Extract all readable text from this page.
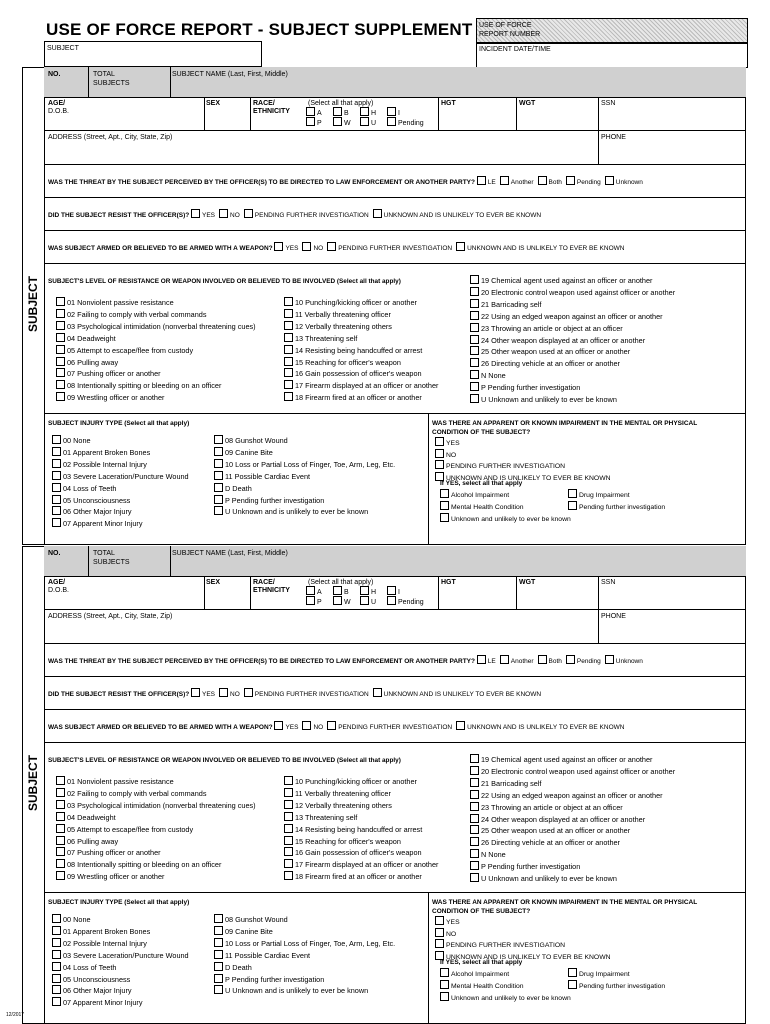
USE OF FORCE REPORT - SUBJECT SUPPLEMENT
SUBJECT
USE OF FORCE
REPORT NUMBER
INCIDENT DATE/TIME
SUBJECT
NO.	TOTAL
SUBJECTS
SUBJECT NAME (Last, First, Middle)
AGE/
D.O.B.
SEX	RACE/
ETHNICITY
(Select all that apply)
A	B	H	I
P	W	U	Pending
HGT	WGT	SSN
ADDRESS (Street, Apt., City, State, Zip)	PHONE
WAS THE THREAT BY THE SUBJECT PERCEIVED BY THE OFFICER(S) TO BE DIRECTED TO LAW ENFORCEMENT OR ANOTHER PARTY? LE Another Both Pending Unknown
DID THE SUBJECT RESIST THE OFFICER(S)? YES NO PENDING FURTHER INVESTIGATION UNKNOWN AND IS UNLIKELY TO EVER BE KNOWN
WAS SUBJECT ARMED OR BELIEVED TO BE ARMED WITH A WEAPON? YES NO PENDING FURTHER INVESTIGATION UNKNOWN AND IS UNLIKELY TO EVER BE KNOWN
SUBJECT'S LEVEL OF RESISTANCE OR WEAPON INVOLVED OR BELIEVED TO BE INVOLVED (Select all that apply)
01 Nonviolent passive resistance
02 Failing to comply with verbal commands
03 Psychological intimidation (nonverbal threatening cues)
04 Deadweight
05 Attempt to escape/flee from custody
06 Pulling away
07 Pushing officer or another
08 Intentionally spitting or bleeding on an officer
09 Wrestling officer or another
10 Punching/kicking officer or another
11 Verbally threatening officer
12 Verbally threatening others
13 Threatening self
14 Resisting being handcuffed or arrest
15 Reaching for officer's weapon
16 Gain possession of officer's weapon
17 Firearm displayed at an officer or another
18 Firearm fired at an officer or another
19 Chemical agent used against an officer or another
20 Electronic control weapon used against officer or another
21 Barricading self
22 Using an edged weapon against an officer or another
23 Throwing an article or object at an officer
24 Other weapon displayed at an officer or another
25 Other weapon used at an officer or another
26 Directing vehicle at an officer or another
N None
P Pending further investigation
U Unknown and unlikely to ever be known
SUBJECT INJURY TYPE (Select all that apply)
00 None
01 Apparent Broken Bones
02 Possible Internal Injury
03 Severe Laceration/Puncture Wound
04 Loss of Teeth
05 Unconsciousness
06 Other Major Injury
07 Apparent Minor Injury
08 Gunshot Wound
09 Canine Bite
10 Loss or Partial Loss of Finger, Toe, Arm, Leg, Etc.
11 Possible Cardiac Event
D Death
P Pending further investigation
U Unknown and is unlikely to ever be known
WAS THERE AN APPARENT OR KNOWN IMPAIRMENT IN THE MENTAL OR PHYSICAL CONDITION OF THE SUBJECT?
YES
NO
PENDING FURTHER INVESTIGATION
UNKNOWN AND IS UNLIKELY TO EVER BE KNOWN
If YES, select all that apply
Alcohol Impairment
Mental Health Condition
Unknown and unlikely to ever be known
Drug Impairment
Pending further investigation
SUBJECT
NO.	TOTAL
SUBJECTS
SUBJECT NAME (Last, First, Middle)
AGE/
D.O.B.
SEX	RACE/
ETHNICITY
(Select all that apply)
A	B	H	I
P	W	U	Pending
HGT	WGT	SSN
ADDRESS (Street, Apt., City, State, Zip)	PHONE
WAS THE THREAT BY THE SUBJECT PERCEIVED BY THE OFFICER(S) TO BE DIRECTED TO LAW ENFORCEMENT OR ANOTHER PARTY? LE Another Both Pending Unknown
DID THE SUBJECT RESIST THE OFFICER(S)? YES NO PENDING FURTHER INVESTIGATION UNKNOWN AND IS UNLIKELY TO EVER BE KNOWN
WAS SUBJECT ARMED OR BELIEVED TO BE ARMED WITH A WEAPON? YES NO PENDING FURTHER INVESTIGATION UNKNOWN AND IS UNLIKELY TO EVER BE KNOWN
SUBJECT'S LEVEL OF RESISTANCE OR WEAPON INVOLVED OR BELIEVED TO BE INVOLVED (Select all that apply)
01 Nonviolent passive resistance
02 Failing to comply with verbal commands
03 Psychological intimidation (nonverbal threatening cues)
04 Deadweight
05 Attempt to escape/flee from custody
06 Pulling away
07 Pushing officer or another
08 Intentionally spitting or bleeding on an officer
09 Wrestling officer or another
10 Punching/kicking officer or another
11 Verbally threatening officer
12 Verbally threatening others
13 Threatening self
14 Resisting being handcuffed or arrest
15 Reaching for officer's weapon
16 Gain possession of officer's weapon
17 Firearm displayed at an officer or another
18 Firearm fired at an officer or another
19 Chemical agent used against an officer or another
20 Electronic control weapon used against officer or another
21 Barricading self
22 Using an edged weapon against an officer or another
23 Throwing an article or object at an officer
24 Other weapon displayed at an officer or another
25 Other weapon used at an officer or another
26 Directing vehicle at an officer or another
N None
P Pending further investigation
U Unknown and unlikely to ever be known
SUBJECT INJURY TYPE (Select all that apply)
00 None
01 Apparent Broken Bones
02 Possible Internal Injury
03 Severe Laceration/Puncture Wound
04 Loss of Teeth
05 Unconsciousness
06 Other Major Injury
07 Apparent Minor Injury
08 Gunshot Wound
09 Canine Bite
10 Loss or Partial Loss of Finger, Toe, Arm, Leg, Etc.
11 Possible Cardiac Event
D Death
P Pending further investigation
U Unknown and is unlikely to ever be known
WAS THERE AN APPARENT OR KNOWN IMPAIRMENT IN THE MENTAL OR PHYSICAL CONDITION OF THE SUBJECT?
YES
NO
PENDING FURTHER INVESTIGATION
UNKNOWN AND IS UNLIKELY TO EVER BE KNOWN
If YES, select all that apply
Alcohol Impairment
Mental Health Condition
Unknown and unlikely to ever be known
Drug Impairment
Pending further investigation
12/2017
